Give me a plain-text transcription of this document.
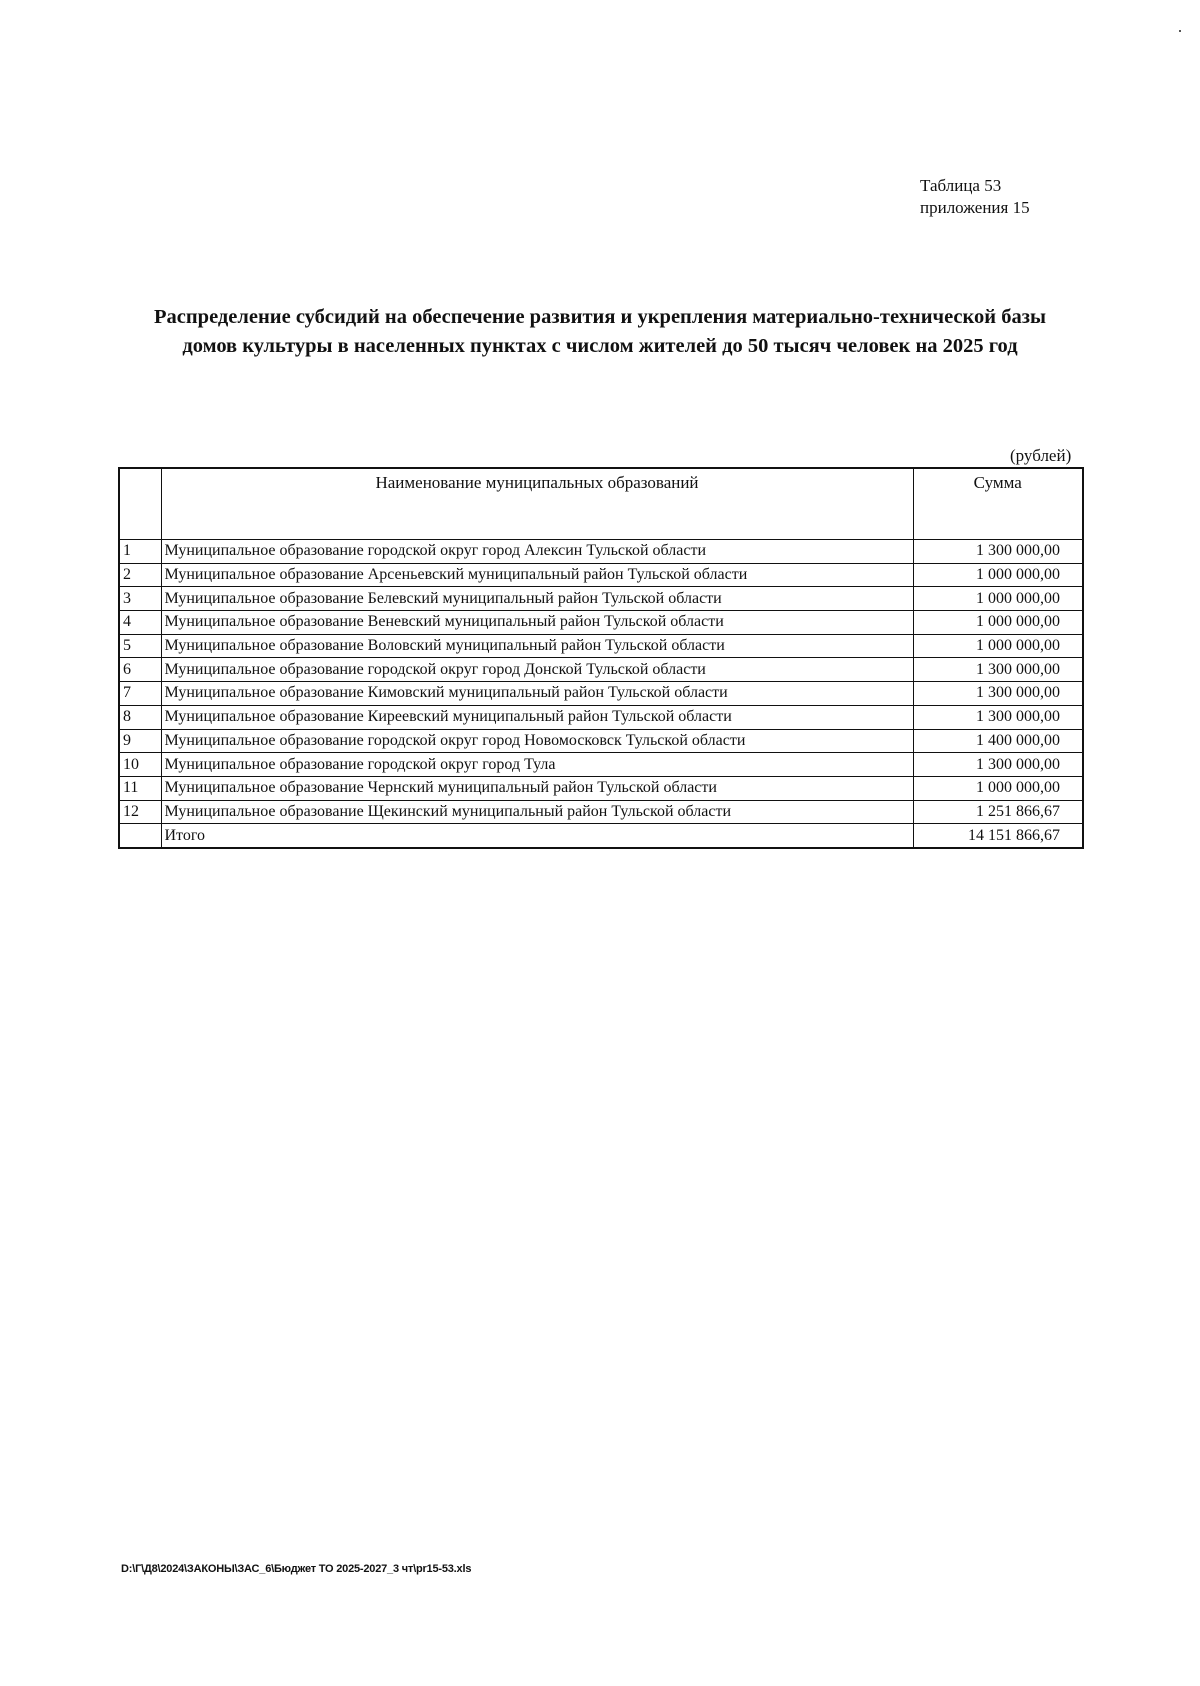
Таблица 53
приложения 15
Распределение субсидий на обеспечение развития и укрепления материально-технической базы
домов культуры в населенных пунктах с числом жителей до 50 тысяч человек на 2025 год
(рублей)
	Наименование муниципальных образований	Сумма
1	Муниципальное образование городской округ город Алексин Тульской области	1 300 000,00
2	Муниципальное образование Арсеньевский муниципальный район Тульской области	1 000 000,00
3	Муниципальное образование Белевский муниципальный район Тульской области	1 000 000,00
4	Муниципальное образование Веневский муниципальный район Тульской области	1 000 000,00
5	Муниципальное образование Воловский муниципальный район Тульской области	1 000 000,00
6	Муниципальное образование городской округ город Донской Тульской области	1 300 000,00
7	Муниципальное образование Кимовский муниципальный район Тульской области	1 300 000,00
8	Муниципальное образование Киреевский муниципальный район Тульской области	1 300 000,00
9	Муниципальное образование городской округ город Новомосковск Тульской области	1 400 000,00
10	Муниципальное образование городской округ город Тула	1 300 000,00
11	Муниципальное образование Чернский муниципальный район Тульской области	1 000 000,00
12	Муниципальное образование Щекинский муниципальный район Тульской области	1 251 866,67
	Итого	14 151 866,67
D:\Г\Д8\2024\ЗАКОНЫ\ЗАС_6\Бюджет ТО 2025-2027_3 чт\pr15-53.xls
